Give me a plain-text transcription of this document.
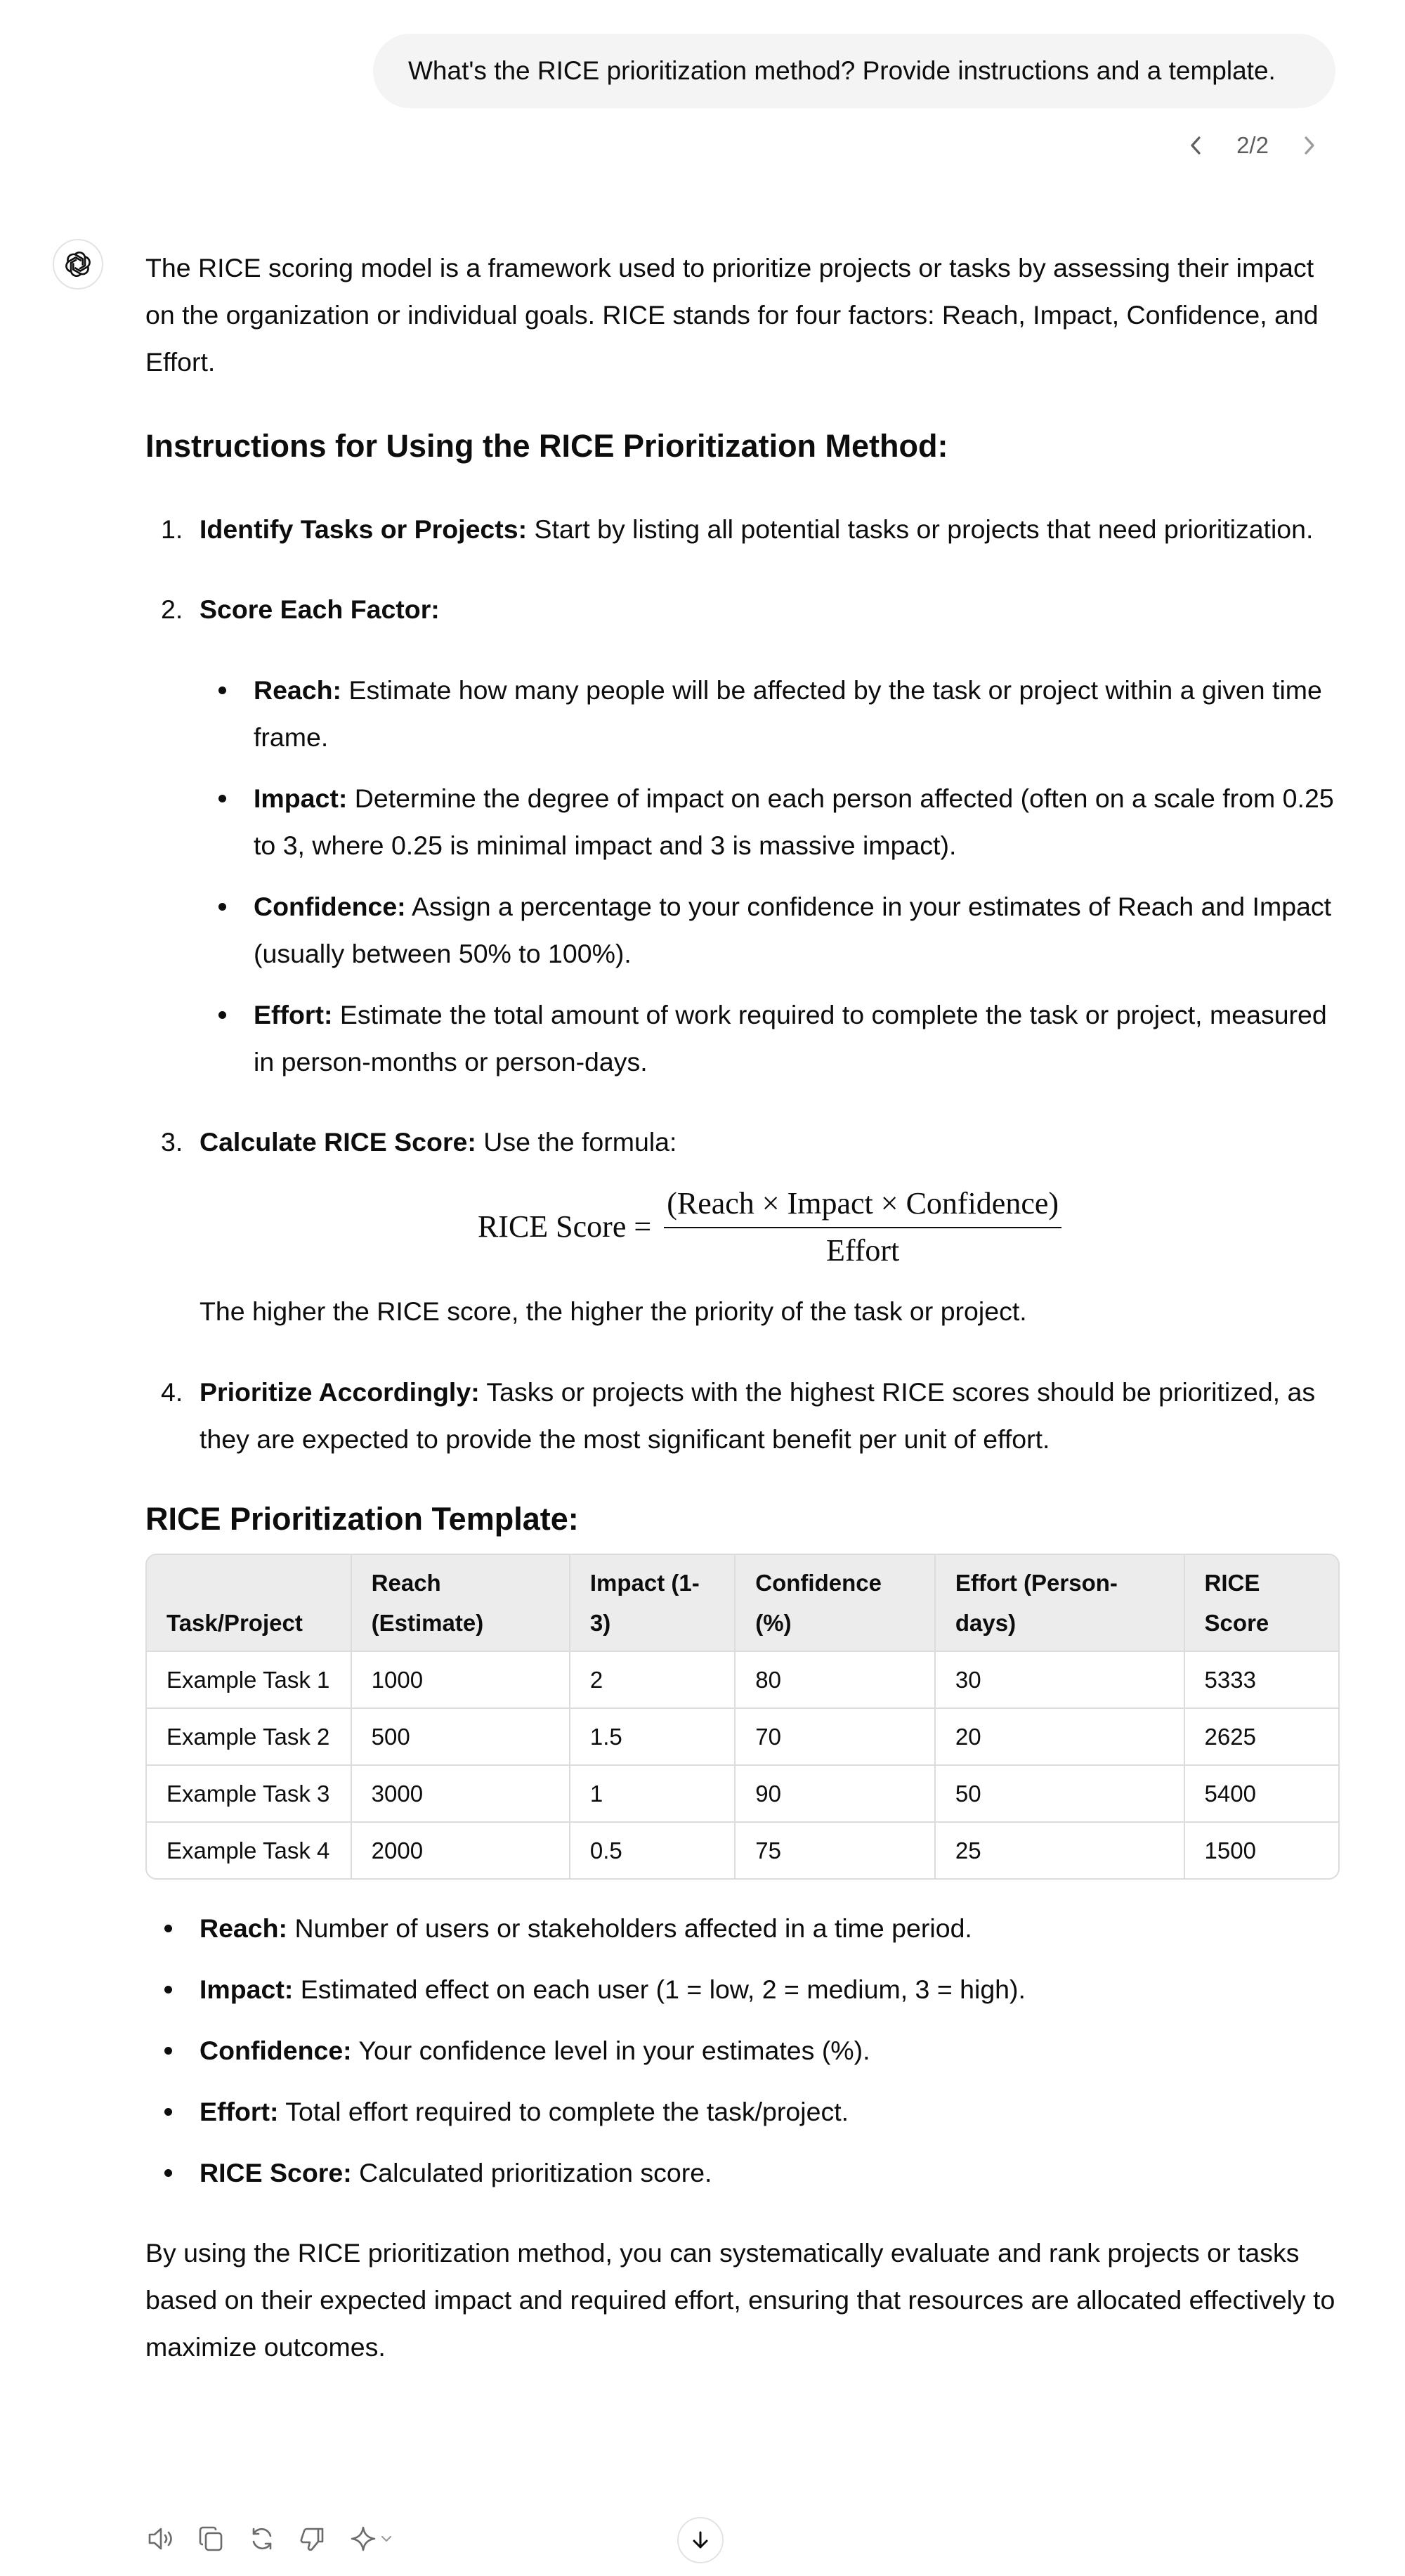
What's the RICE prioritization method? Provide instructions and a template.
2/2

The RICE scoring model is a framework used to prioritize projects or tasks by assessing their impact on the organization or individual goals. RICE stands for four factors: Reach, Impact, Confidence, and Effort.

Instructions for Using the RICE Prioritization Method:
1. Identify Tasks or Projects: Start by listing all potential tasks or projects that need prioritization.
2. Score Each Factor:
Reach: Estimate how many people will be affected by the task or project within a given time frame.
Impact: Determine the degree of impact on each person affected (often on a scale from 0.25 to 3, where 0.25 is minimal impact and 3 is massive impact).
Confidence: Assign a percentage to your confidence in your estimates of Reach and Impact (usually between 50% to 100%).
Effort: Estimate the total amount of work required to complete the task or project, measured in person-months or person-days.
3. Calculate RICE Score: Use the formula:
RICE Score = $\frac{\text{(Reach × Impact × Confidence)}}{\text{Effort}}$

The higher the RICE score, the higher the priority of the task or project.

4. Prioritize Accordingly: Tasks or projects with the highest RICE scores should be prioritized, as they are expected to provide the most significant benefit per unit of effort.
RICE Prioritization Template:
Task/Project	Reach (Estimate)	Impact (1-3)	Confidence (%)	Effort (Person-days)	RICE Score
Example Task 1	1000	2	80	30	5333
Example Task 2	500	1.5	70	20	2625
Example Task 3	3000	1	90	50	5400
Example Task 4	2000	0.5	75	25	1500
Reach: Number of users or stakeholders affected in a time period.
Impact: Estimated effect on each user (1 = low, 2 = medium, 3 = high).
Confidence: Your confidence level in your estimates (%).
Effort: Total effort required to complete the task/project.
RICE Score: Calculated prioritization score.

By using the RICE prioritization method, you can systematically evaluate and rank projects or tasks based on their expected impact and required effort, ensuring that resources are allocated effectively to maximize outcomes.
